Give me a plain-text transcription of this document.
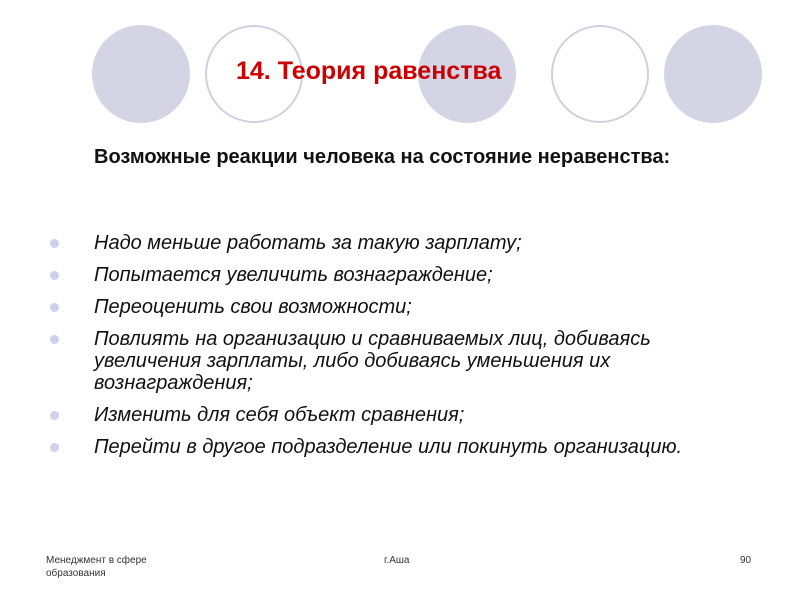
14. Теория равенства
Возможные реакции человека на состояние неравенства:
Надо меньше работать за такую зарплату;
Попытается увеличить вознаграждение;
Переоценить свои возможности;
Повлиять на организацию и сравниваемых лиц, добиваясь увеличения зарплаты, либо добиваясь уменьшения их вознаграждения;
Изменить для себя объект сравнения;
Перейти в другое подразделение или покинуть организацию.
Менеджмент в сфере образования
г.Аша	90
